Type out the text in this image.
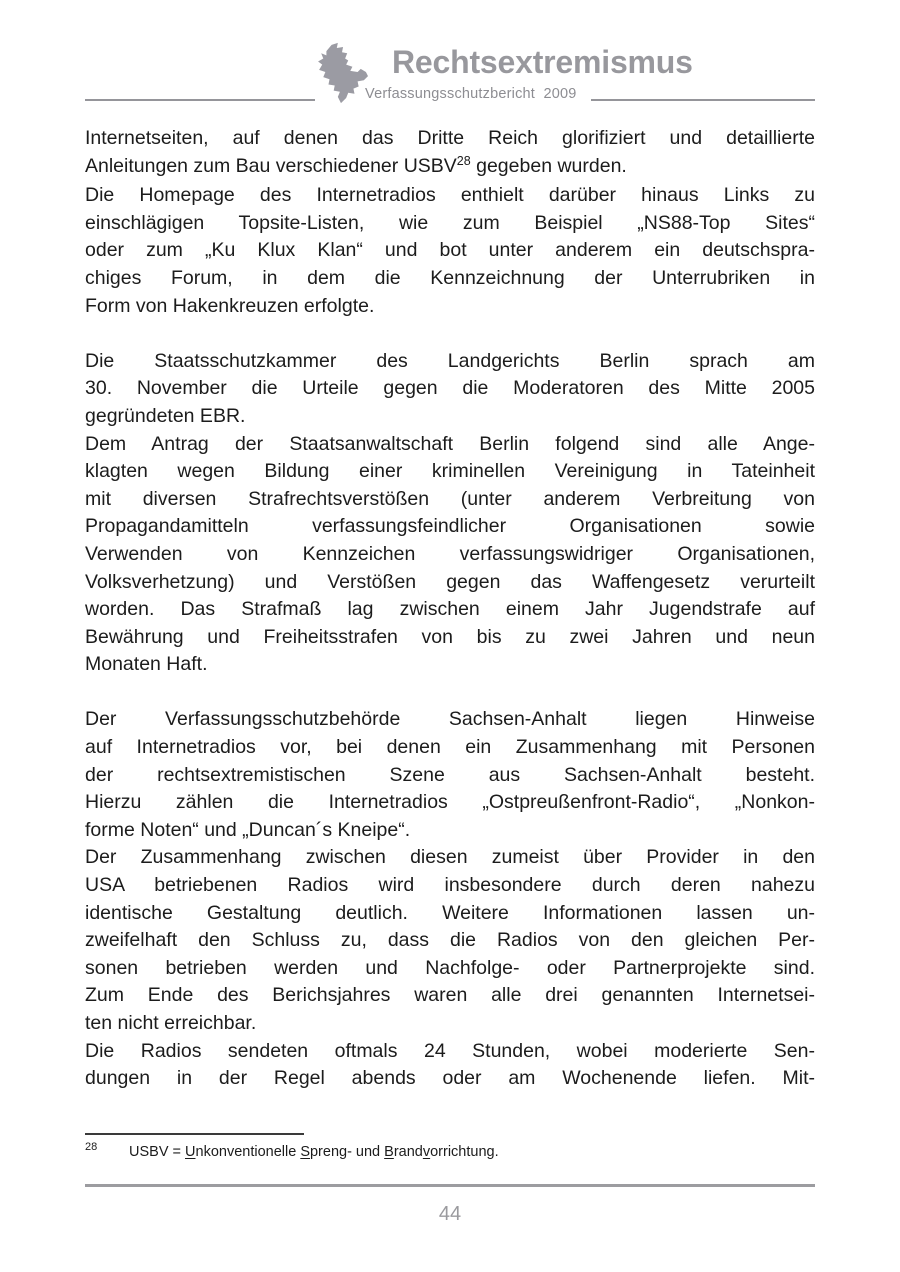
Rechtsextremismus
Verfassungsschutzbericht  2009
Internetseiten, auf denen das Dritte Reich glorifiziert und detaillierte
Anleitungen zum Bau verschiedener USBV$^{28}$ gegeben wurden.
Die Homepage des Internetradios enthielt darüber hinaus Links zu
einschlägigen Topsite-Listen, wie zum Beispiel „NS88-Top Sites“
oder zum „Ku Klux Klan“ und bot unter anderem ein deutschspra-
chiges Forum, in dem die Kennzeichnung der Unterrubriken in
Form von Hakenkreuzen erfolgte.
Die Staatsschutzkammer des Landgerichts Berlin sprach am
30. November die Urteile gegen die Moderatoren des Mitte 2005
gegründeten EBR.
Dem Antrag der Staatsanwaltschaft Berlin folgend sind alle Ange-
klagten wegen Bildung einer kriminellen Vereinigung in Tateinheit
mit diversen Strafrechtsverstößen (unter anderem Verbreitung von
Propagandamitteln verfassungsfeindlicher Organisationen sowie
Verwenden von Kennzeichen verfassungswidriger Organisationen,
Volksverhetzung) und Verstößen gegen das Waffengesetz verurteilt
worden. Das Strafmaß lag zwischen einem Jahr Jugendstrafe auf
Bewährung und Freiheitsstrafen von bis zu zwei Jahren und neun
Monaten Haft.
Der Verfassungsschutzbehörde Sachsen-Anhalt liegen Hinweise
auf Internetradios vor, bei denen ein Zusammenhang mit Personen
der rechtsextremistischen Szene aus Sachsen-Anhalt besteht.
Hierzu zählen die Internetradios „Ostpreußenfront-Radio“, „Nonkon-
forme Noten“ und „Duncan´s Kneipe“.
Der Zusammenhang zwischen diesen zumeist über Provider in den
USA betriebenen Radios wird insbesondere durch deren nahezu
identische Gestaltung deutlich. Weitere Informationen lassen un-
zweifelhaft den Schluss zu, dass die Radios von den gleichen Per-
sonen betrieben werden und Nachfolge- oder Partnerprojekte sind.
Zum Ende des Berichsjahres waren alle drei genannten Internetsei-
ten nicht erreichbar.
Die Radios sendeten oftmals 24 Stunden, wobei moderierte Sen-
dungen in der Regel abends oder am Wochenende liefen. Mit-
28 USBV = Unkonventionelle Spreng- und Brandvorrichtung.
44
